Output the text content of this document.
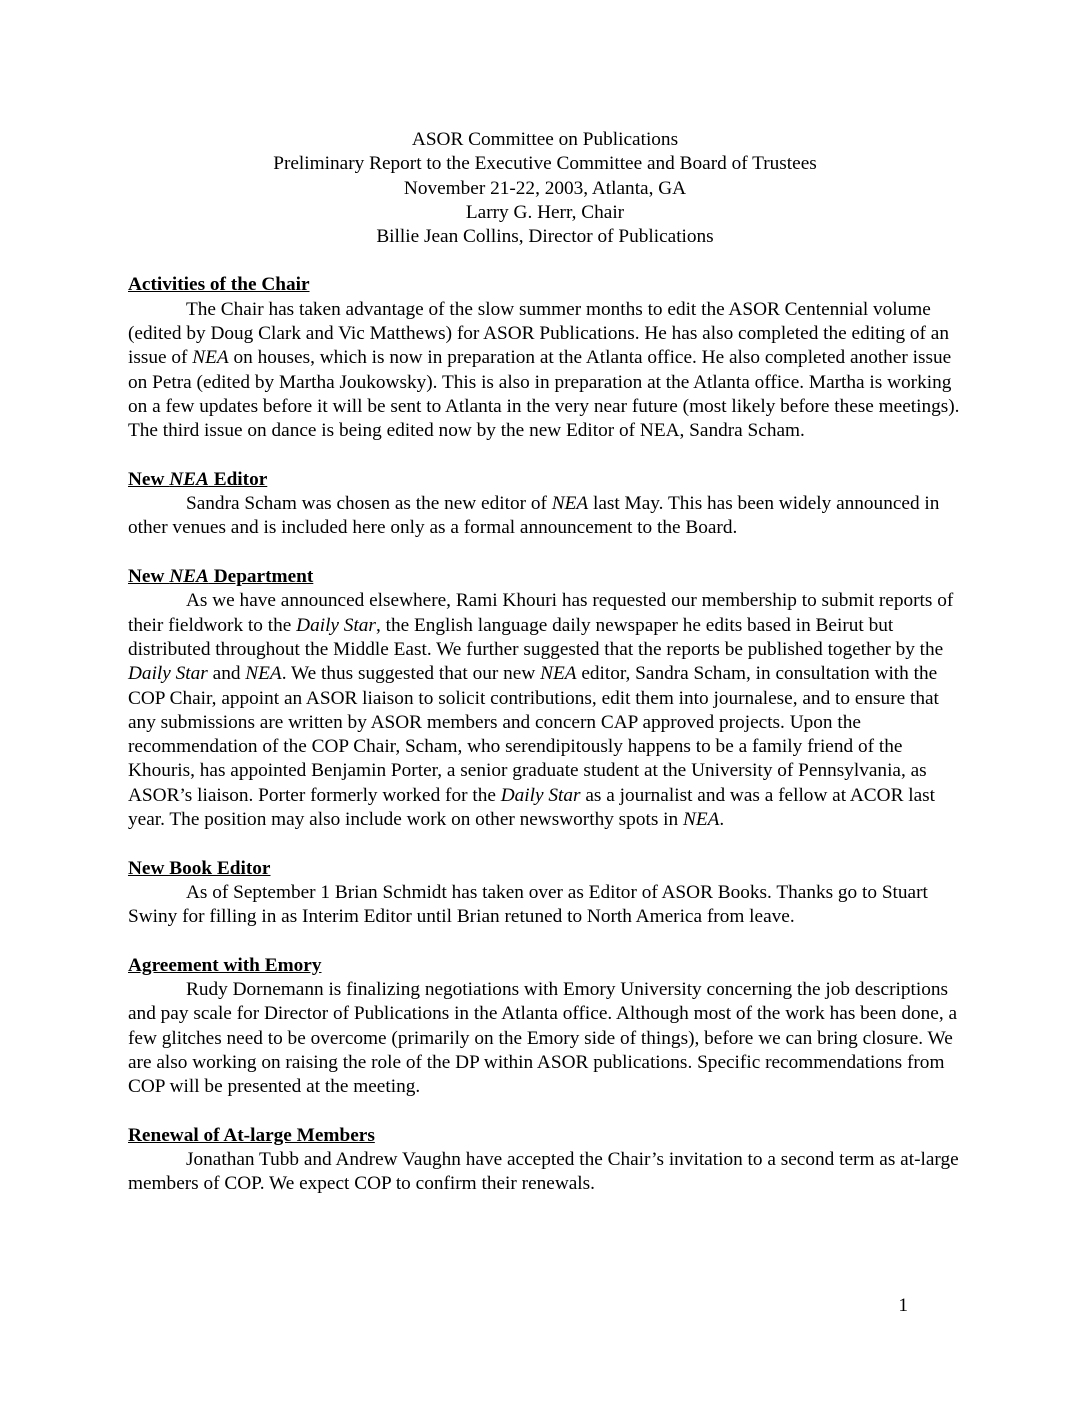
ASOR Committee on Publications
Preliminary Report to the Executive Committee and Board of Trustees
November 21-22, 2003, Atlanta, GA
Larry G. Herr, Chair
Billie Jean Collins, Director of Publications
Activities of the Chair

The Chair has taken advantage of the slow summer months to edit the ASOR Centennial volume (edited by Doug Clark and Vic Matthews) for ASOR Publications. He has also completed the editing of an issue of NEA on houses, which is now in preparation at the Atlanta office. He also completed another issue on Petra (edited by Martha Joukowsky). This is also in preparation at the Atlanta office. Martha is working on a few updates before it will be sent to Atlanta in the very near future (most likely before these meetings). The third issue on dance is being edited now by the new Editor of NEA, Sandra Scham.

New NEA Editor

Sandra Scham was chosen as the new editor of NEA last May. This has been widely announced in other venues and is included here only as a formal announcement to the Board.

New NEA Department

As we have announced elsewhere, Rami Khouri has requested our membership to submit reports of their fieldwork to the Daily Star, the English language daily newspaper he edits based in Beirut but distributed throughout the Middle East. We further suggested that the reports be published together by the Daily Star and NEA. We thus suggested that our new NEA editor, Sandra Scham, in consultation with the COP Chair, appoint an ASOR liaison to solicit contributions, edit them into journalese, and to ensure that any submissions are written by ASOR members and concern CAP approved projects. Upon the recommendation of the COP Chair, Scham, who serendipitously happens to be a family friend of the Khouris, has appointed Benjamin Porter, a senior graduate student at the University of Pennsylvania, as ASOR’s liaison. Porter formerly worked for the Daily Star as a journalist and was a fellow at ACOR last year. The position may also include work on other newsworthy spots in NEA.

New Book Editor

As of September 1 Brian Schmidt has taken over as Editor of ASOR Books. Thanks go to Stuart Swiny for filling in as Interim Editor until Brian retuned to North America from leave.

Agreement with Emory

Rudy Dornemann is finalizing negotiations with Emory University concerning the job descriptions and pay scale for Director of Publications in the Atlanta office. Although most of the work has been done, a few glitches need to be overcome (primarily on the Emory side of things), before we can bring closure. We are also working on raising the role of the DP within ASOR publications. Specific recommendations from COP will be presented at the meeting.

Renewal of At-large Members

Jonathan Tubb and Andrew Vaughn have accepted the Chair’s invitation to a second term as at-large members of COP. We expect COP to confirm their renewals.

1
